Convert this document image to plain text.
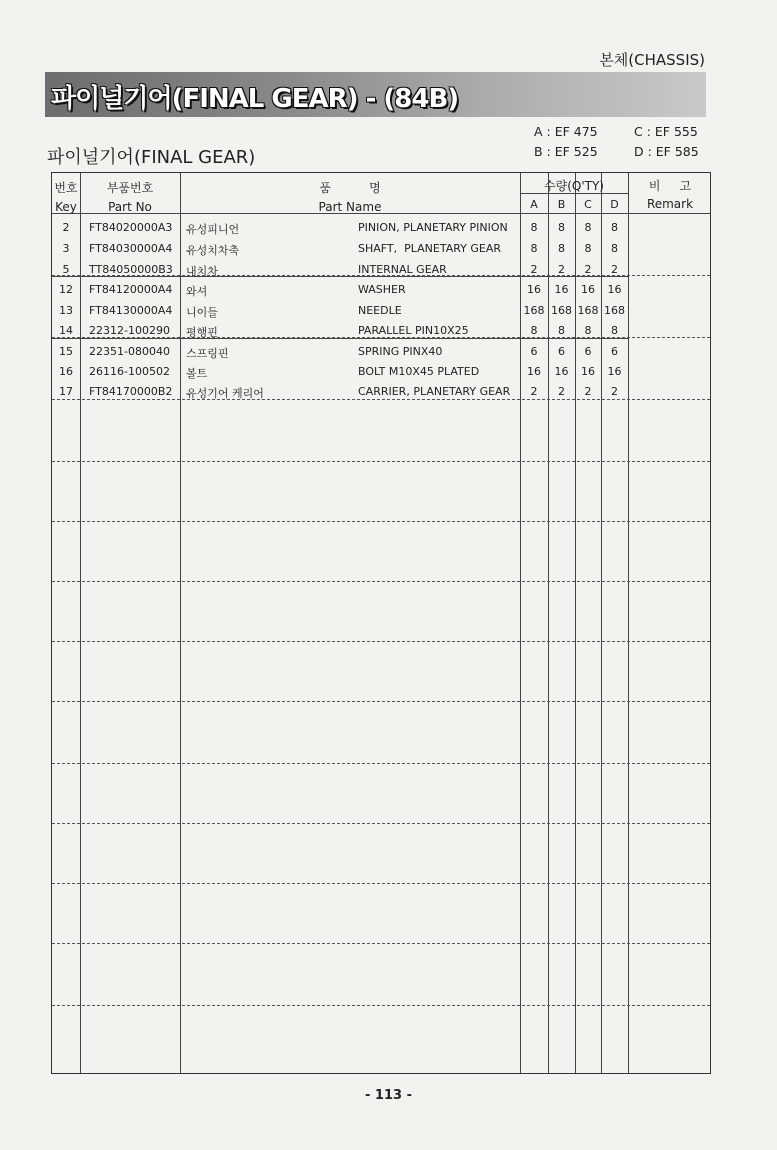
본체(CHASSIS)
파이널기어(FINAL GEAR) - (84B)
파이널기어(FINAL GEAR)
A : EF 475
B : EF 525
C : EF 555
D : EF 585
번호
Key
부품번호
Part No
품          명
Part Name
수량(Q'TY)
A	B	C	D
비     고
Remark
2	FT84020000A3 유성피니언	PINION, PLANETARY PINION	8	8	8	8
3	FT84030000A4 유성치차축	SHAFT,  PLANETARY GEAR	8	8	8	8
5	TT84050000B3 내치차	INTERNAL GEAR	2	2	2	2
12	FT84120000A4 와셔	WASHER	16	16	16	16
13	FT84130000A4 니이들	NEEDLE	168 168 168 168
14	22312-100290 평행핀	PARALLEL PIN10X25	8	8	8	8
15	22351-080040 스프링핀	SPRING PINX40	6	6	6	6
16	26116-100502 볼트	BOLT M10X45 PLATED	16	16	16	16
17	FT84170000B2 유성기어 케리어	CARRIER, PLANETARY GEAR	2	2	2	2
- 113 -
